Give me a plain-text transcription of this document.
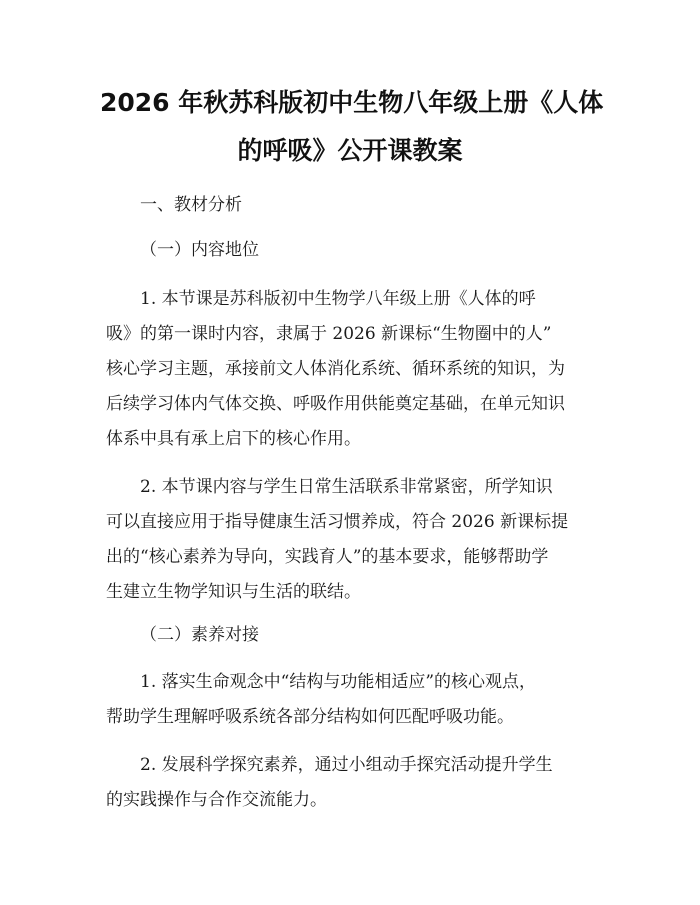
2026 年秋苏科版初中生物八年级上册《人体
的呼吸》公开课教案
一、教材分析
（一）内容地位
1. 本节课是苏科版初中生物学八年级上册《人体的呼
吸》的第一课时内容，隶属于 2026 新课标“生物圈中的人”
核心学习主题，承接前文人体消化系统、循环系统的知识，为
后续学习体内气体交换、呼吸作用供能奠定基础，在单元知识
体系中具有承上启下的核心作用。
2. 本节课内容与学生日常生活联系非常紧密，所学知识
可以直接应用于指导健康生活习惯养成，符合 2026 新课标提
出的“核心素养为导向，实践育人”的基本要求，能够帮助学
生建立生物学知识与生活的联结。
（二）素养对接
1. 落实生命观念中“结构与功能相适应”的核心观点，
帮助学生理解呼吸系统各部分结构如何匹配呼吸功能。
2. 发展科学探究素养，通过小组动手探究活动提升学生
的实践操作与合作交流能力。
